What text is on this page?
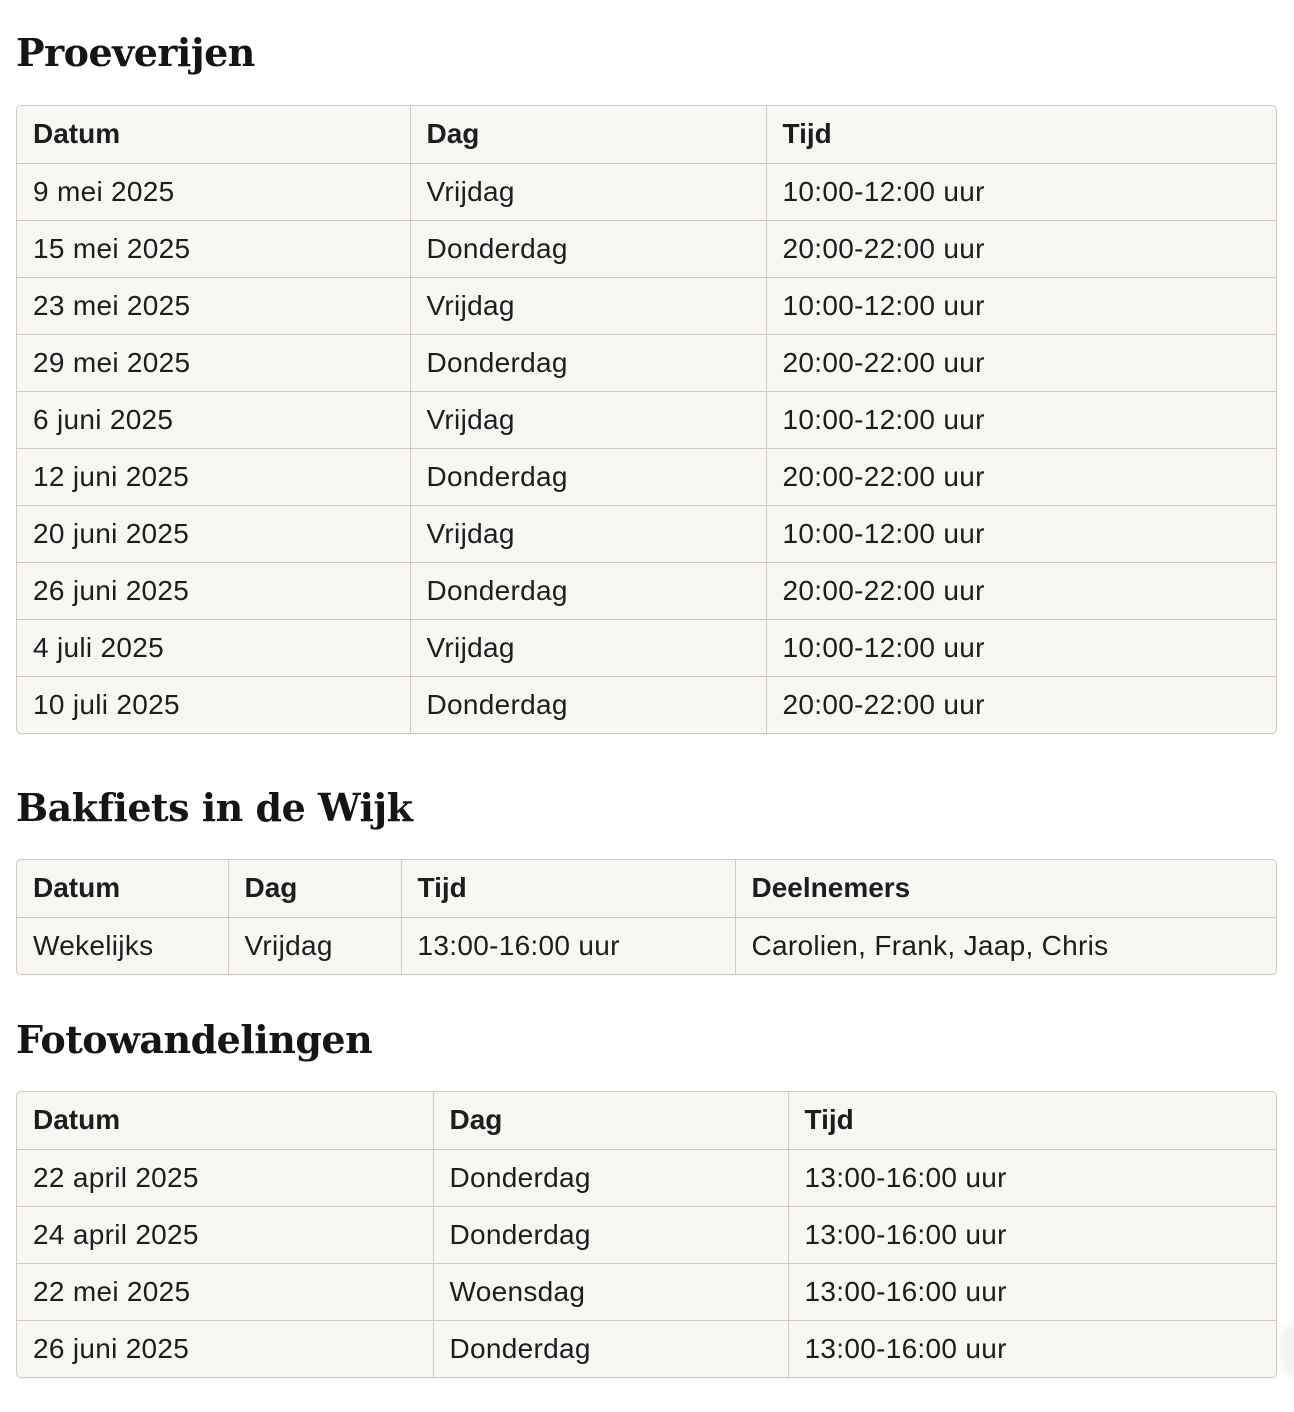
Proeverijen
Datum	Dag	Tijd
9 mei 2025	Vrijdag	10:00-12:00 uur
15 mei 2025	Donderdag	20:00-22:00 uur
23 mei 2025	Vrijdag	10:00-12:00 uur
29 mei 2025	Donderdag	20:00-22:00 uur
6 juni 2025	Vrijdag	10:00-12:00 uur
12 juni 2025	Donderdag	20:00-22:00 uur
20 juni 2025	Vrijdag	10:00-12:00 uur
26 juni 2025	Donderdag	20:00-22:00 uur
4 juli 2025	Vrijdag	10:00-12:00 uur
10 juli 2025	Donderdag	20:00-22:00 uur
Bakfiets in de Wijk
Datum	Dag	Tijd	Deelnemers
Wekelijks	Vrijdag	13:00-16:00 uur	Carolien, Frank, Jaap, Chris
Fotowandelingen
Datum	Dag	Tijd
22 april 2025	Donderdag	13:00-16:00 uur
24 april 2025	Donderdag	13:00-16:00 uur
22 mei 2025	Woensdag	13:00-16:00 uur
26 juni 2025	Donderdag	13:00-16:00 uur
